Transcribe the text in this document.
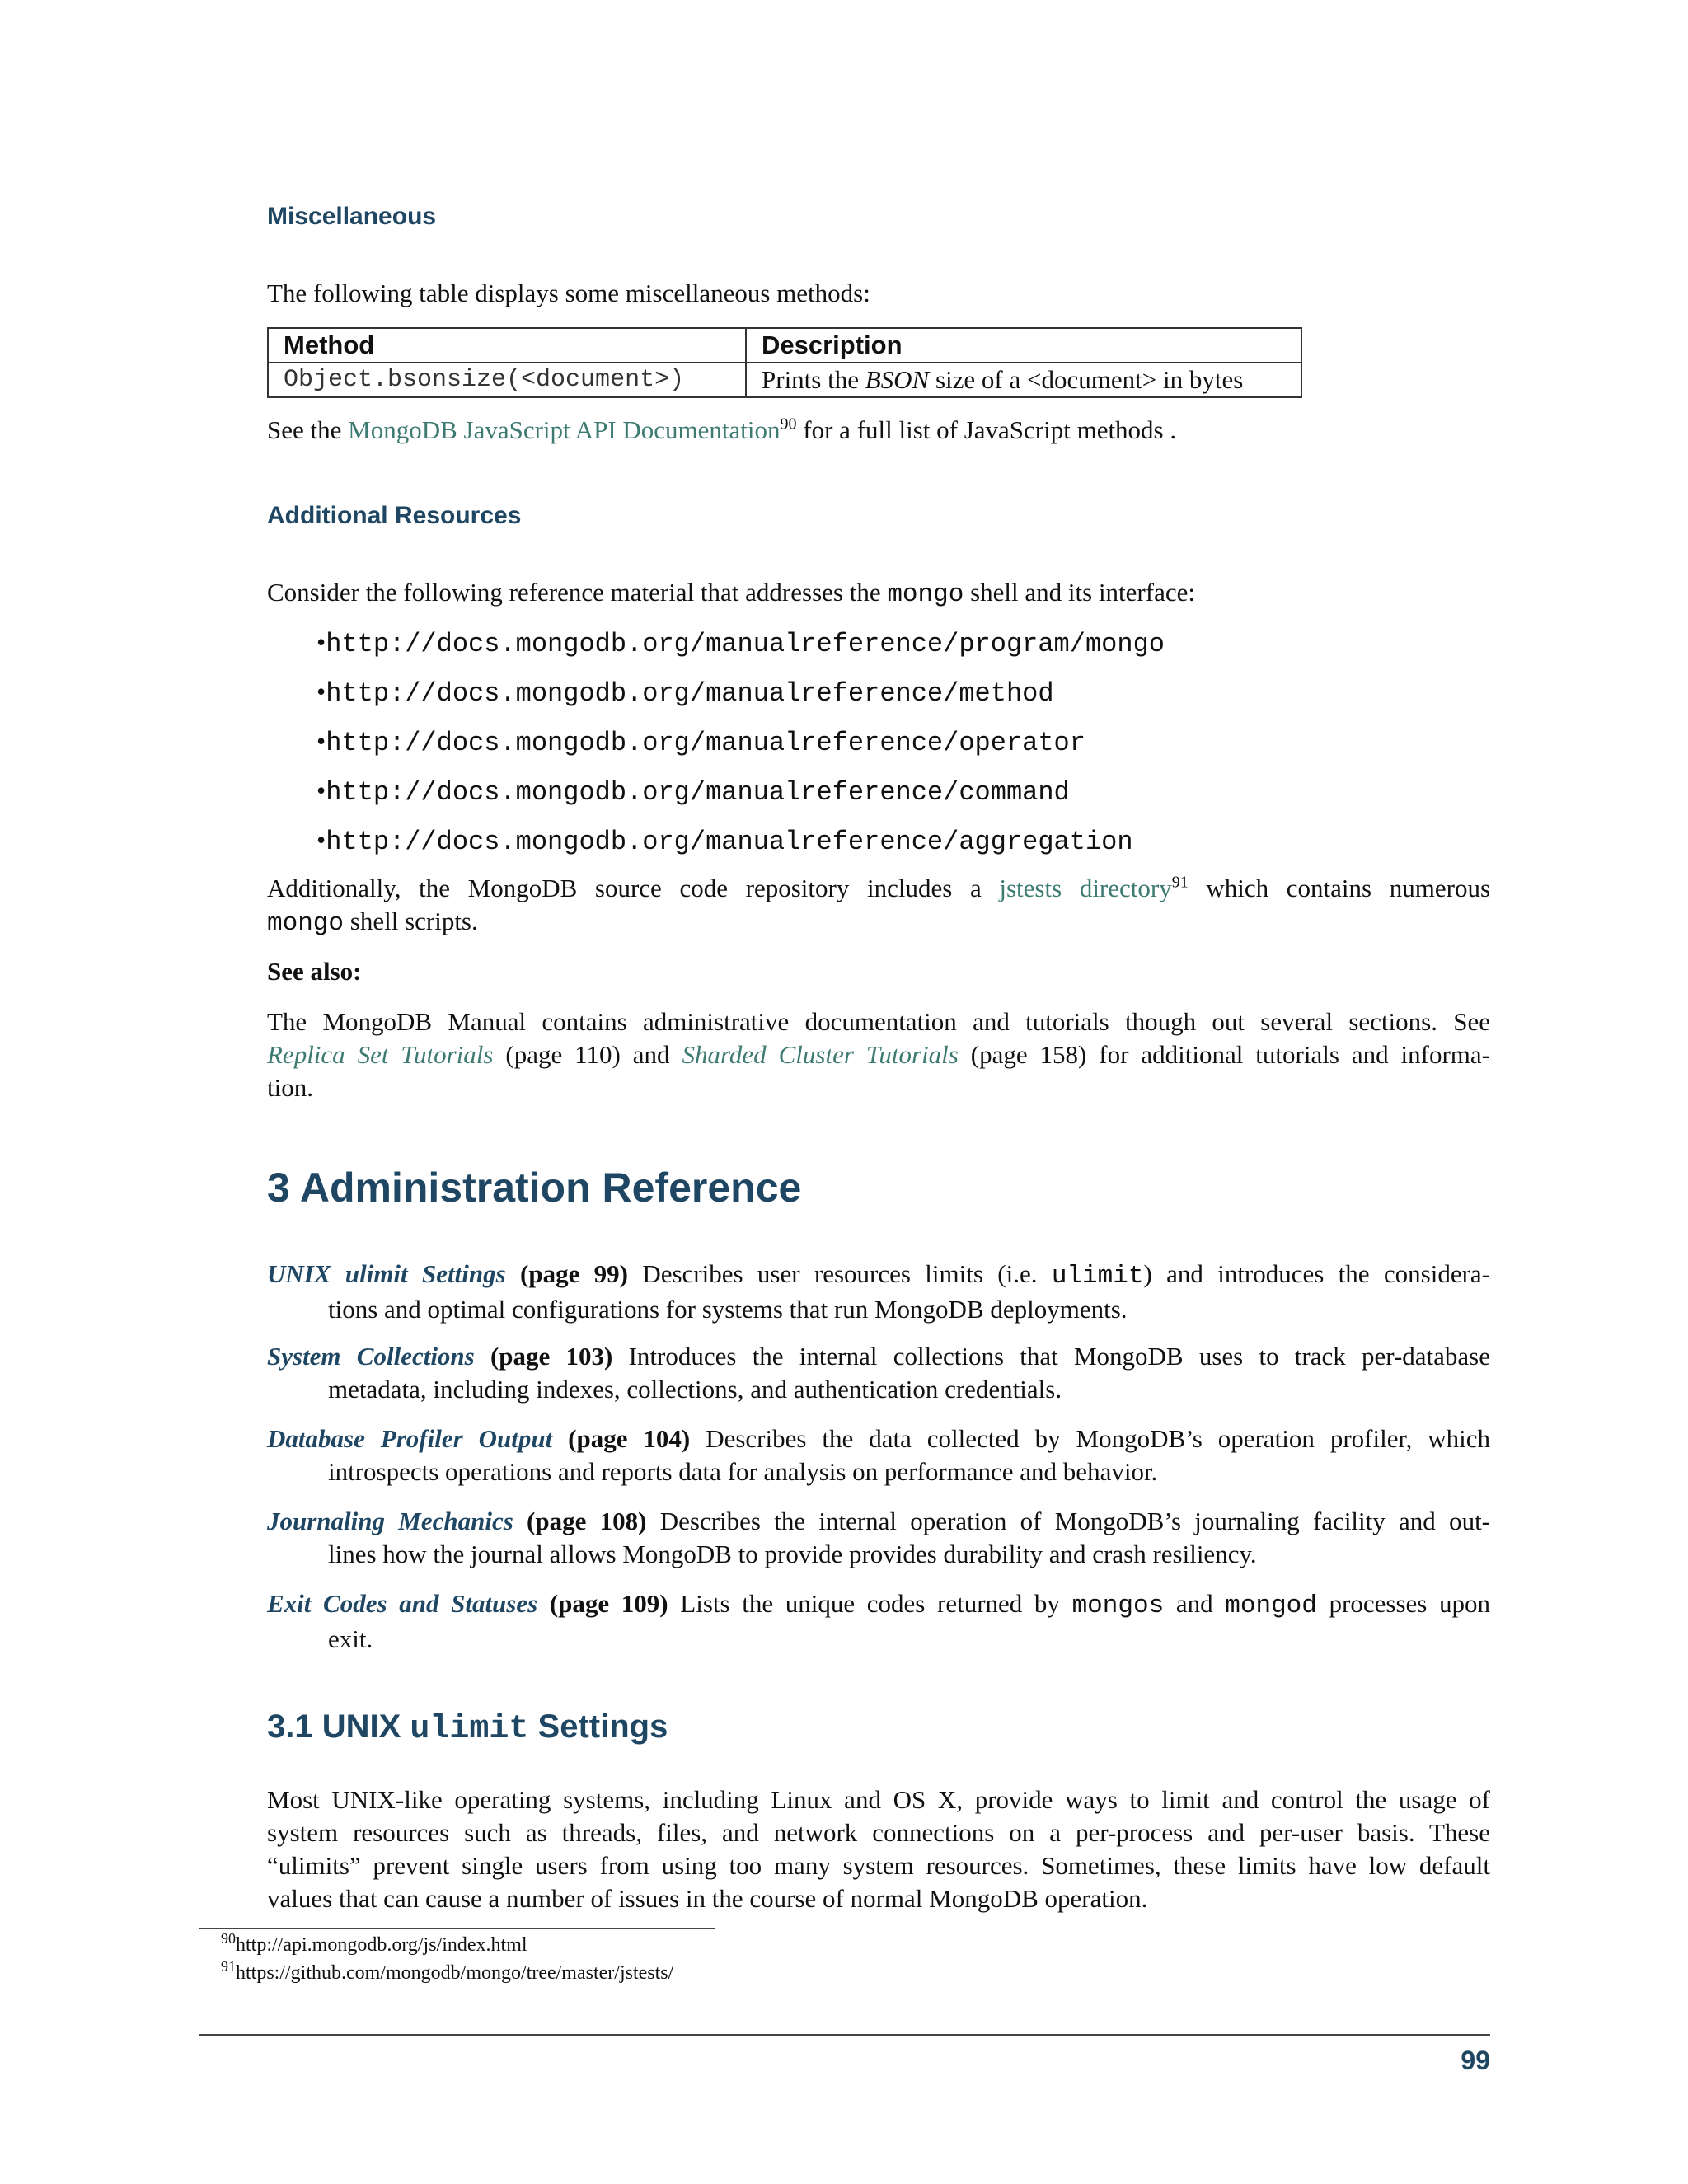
Miscellaneous
The following table displays some miscellaneous methods:
Method	Description
Object.bsonsize(<document>)	Prints the BSON size of a <document> in bytes
See the MongoDB JavaScript API Documentation$^{90}$ for a full list of JavaScript methods .
Additional Resources
Consider the following reference material that addresses the mongo shell and its interface:
•http://docs.mongodb.org/manualreference/program/mongo
•http://docs.mongodb.org/manualreference/method
•http://docs.mongodb.org/manualreference/operator
•http://docs.mongodb.org/manualreference/command
•http://docs.mongodb.org/manualreference/aggregation
Additionally, the MongoDB source code repository includes a jstests directory$^{91}$ which contains numerous
mongo shell scripts.
See also:
The MongoDB Manual contains administrative documentation and tutorials though out several sections. See
Replica Set Tutorials (page 110) and Sharded Cluster Tutorials (page 158) for additional tutorials and informa-
tion.
3 Administration Reference
UNIX ulimit Settings (page 99) Describes user resources limits (i.e. ulimit) and introduces the considera-
tions and optimal configurations for systems that run MongoDB deployments.
System Collections (page 103) Introduces the internal collections that MongoDB uses to track per-database
metadata, including indexes, collections, and authentication credentials.
Database Profiler Output (page 104) Describes the data collected by MongoDB’s operation profiler, which
introspects operations and reports data for analysis on performance and behavior.
Journaling Mechanics (page 108) Describes the internal operation of MongoDB’s journaling facility and out-
lines how the journal allows MongoDB to provide provides durability and crash resiliency.
Exit Codes and Statuses (page 109) Lists the unique codes returned by mongos and mongod processes upon
exit.
3.1 UNIX ulimit Settings
Most UNIX-like operating systems, including Linux and OS X, provide ways to limit and control the usage of
system resources such as threads, files, and network connections on a per-process and per-user basis. These
“ulimits” prevent single users from using too many system resources. Sometimes, these limits have low default
values that can cause a number of issues in the course of normal MongoDB operation.
$^{90}$http://api.mongodb.org/js/index.html
$^{91}$https://github.com/mongodb/mongo/tree/master/jstests/
99
